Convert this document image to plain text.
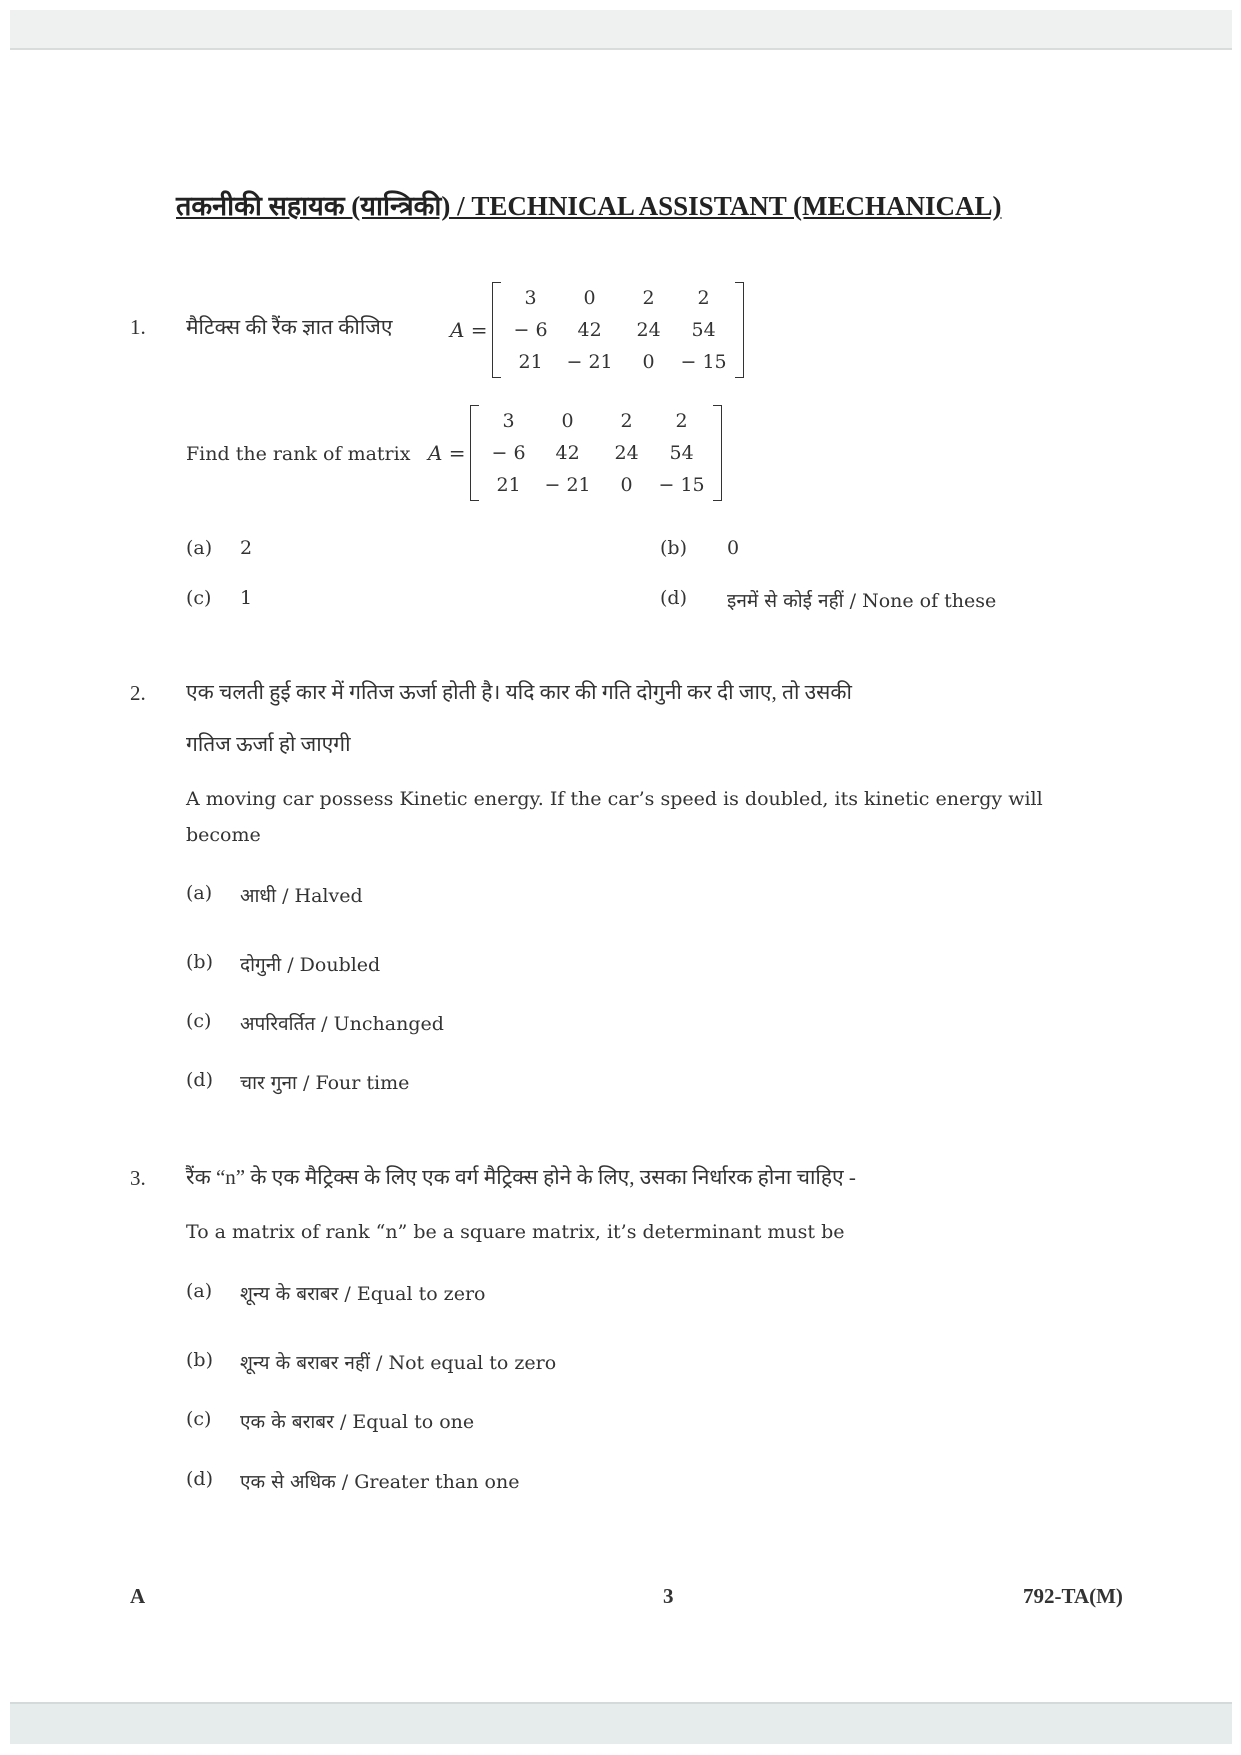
तकनीकी सहायक (यान्त्रिकी) / TECHNICAL ASSISTANT (MECHANICAL)
1. मैटिक्स की रैंक ज्ञात कीजिए	A =
3	0	2	2
− 6	42	24	54
21	− 21	0	− 15
Find the rank of matrix A =
3	0	2	2
− 6	42	24	54
21	− 21	0	− 15
(a) 2	(b) 0
(c) 1	(d) इनमें से कोई नहीं / None of these
2. एक चलती हुई कार में गतिज ऊर्जा होती है। यदि कार की गति दोगुनी कर दी जाए, तो उसकी
गतिज ऊर्जा हो जाएगी
A moving car possess Kinetic energy. If the car’s speed is doubled, its kinetic energy will
become
(a) आधी / Halved
(b) दोगुनी / Doubled
(c) अपरिवर्तित / Unchanged
(d) चार गुना / Four time
3. रैंक “n” के एक मैट्रिक्स के लिए एक वर्ग मैट्रिक्स होने के लिए, उसका निर्धारक होना चाहिए -
To a matrix of rank “n” be a square matrix, it’s determinant must be
(a) शून्य के बराबर / Equal to zero
(b) शून्य के बराबर नहीं / Not equal to zero
(c) एक के बराबर / Equal to one
(d) एक से अधिक / Greater than one
A	3	792-TA(M)
